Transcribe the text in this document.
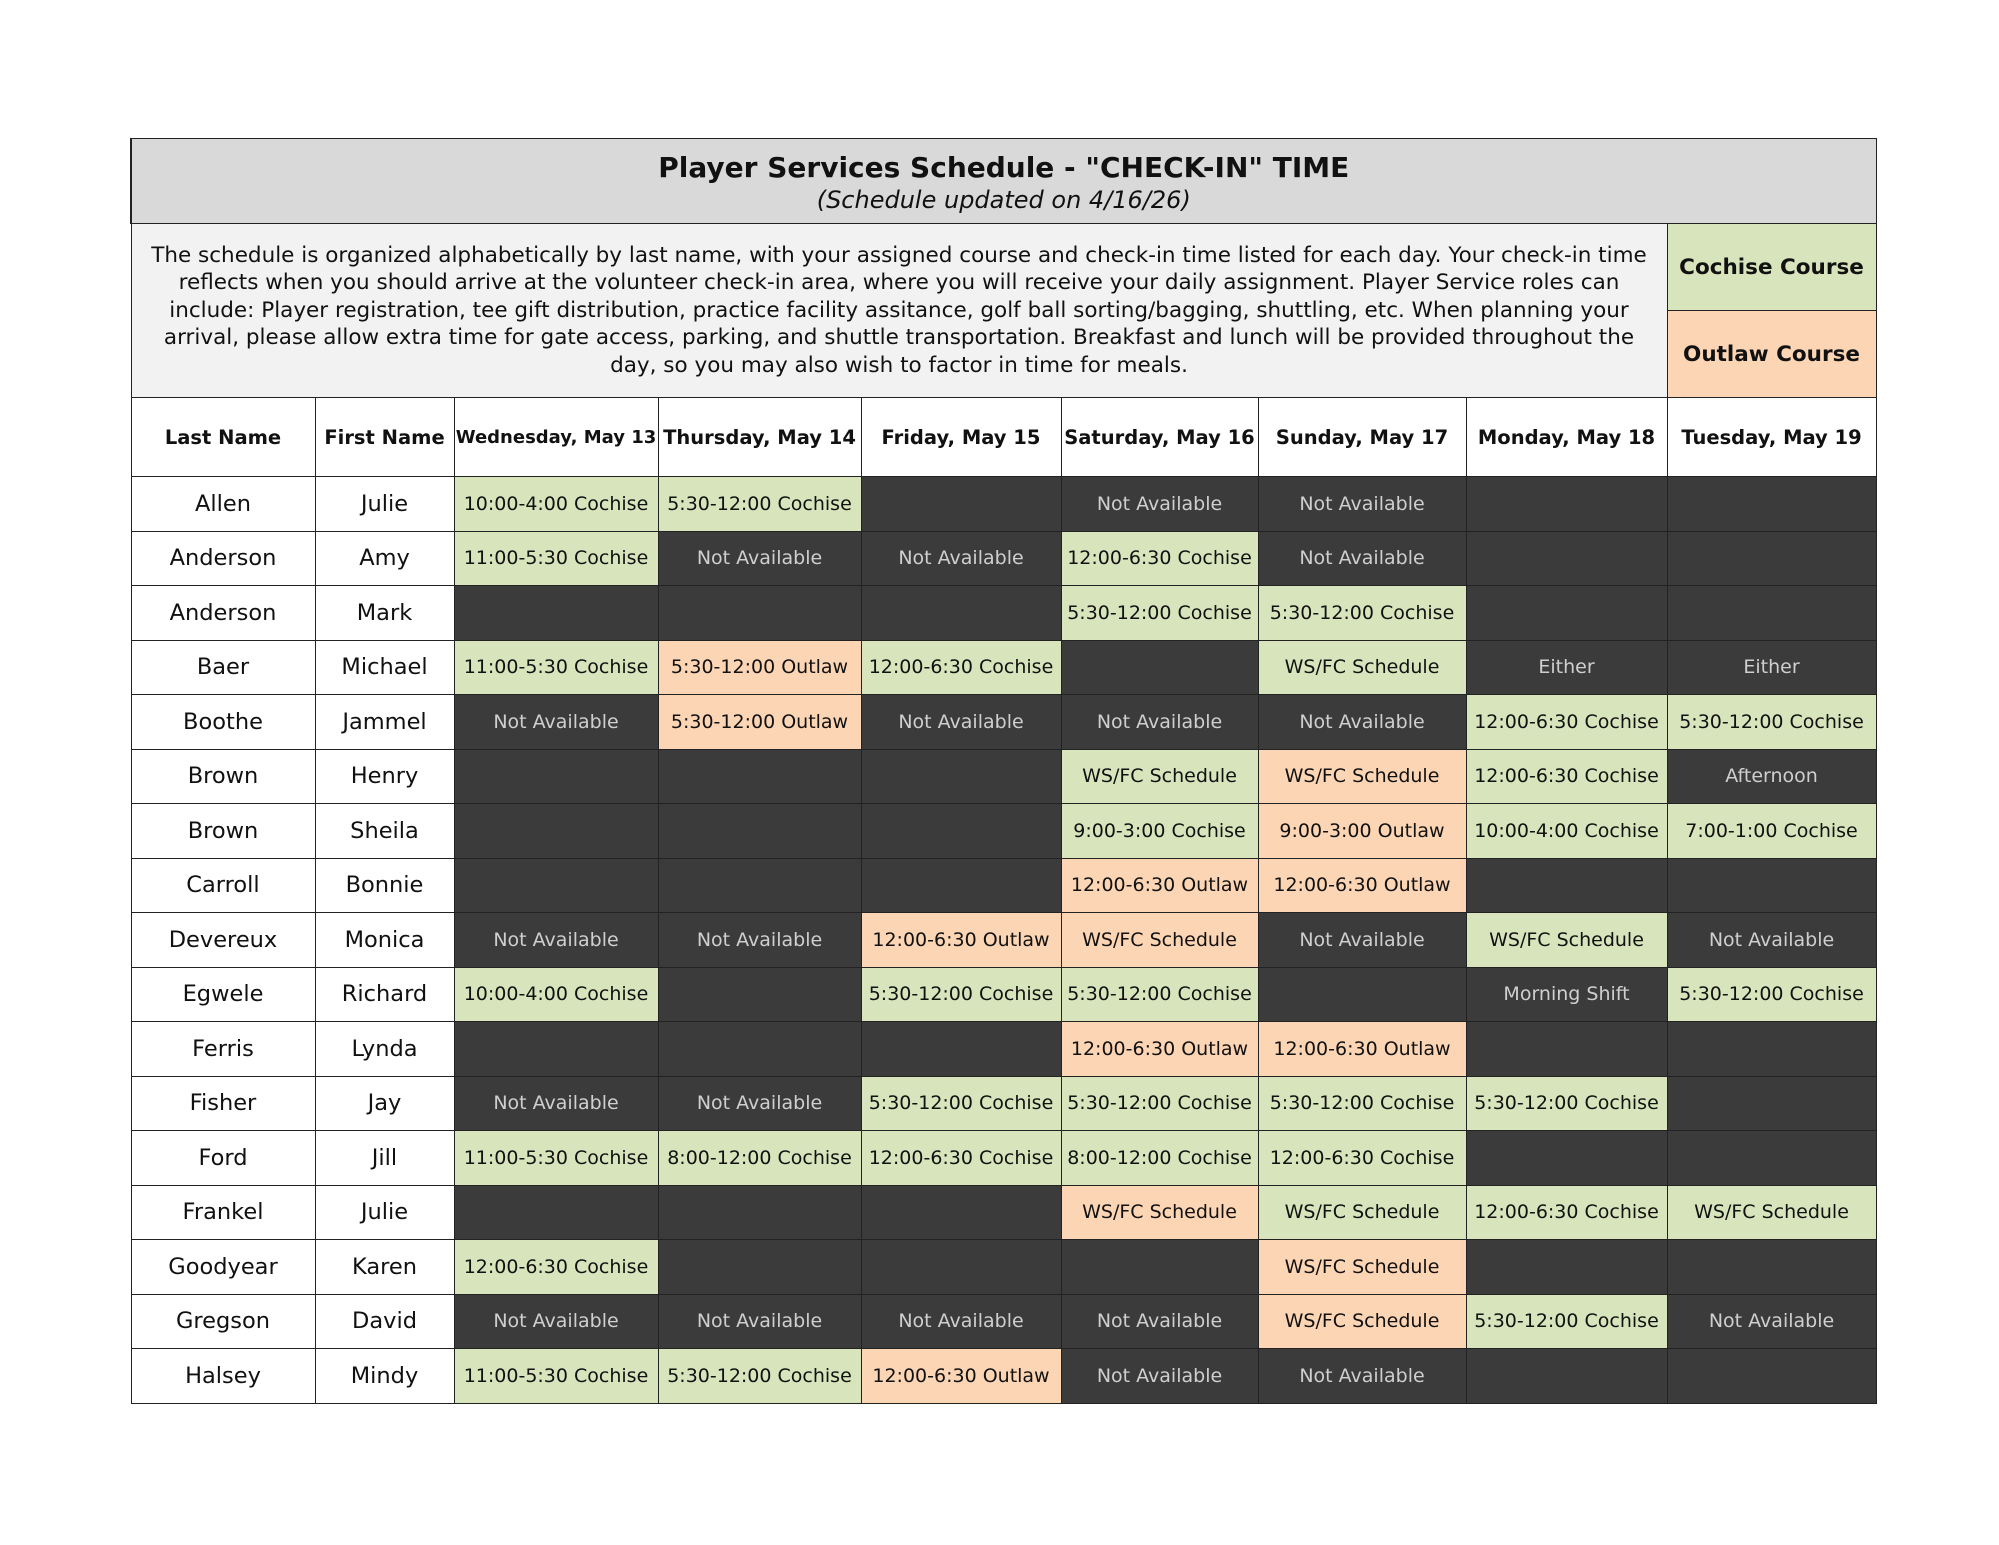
Player Services Schedule - "CHECK-IN" TIME
(Schedule updated on 4/16/26)								

The schedule is organized alphabetically by last name, with your assigned course and check-in time listed for each day. Your check-in time reflects when you should arrive at the volunteer check-in area, where you will receive your daily assignment. Player Service roles can include: Player registration, tee gift distribution, practice facility assitance, golf ball sorting/bagging, shuttling, etc. When planning your arrival, please allow extra time for gate access, parking, and shuttle transportation. Breakfast and lunch will be provided throughout the day, so you may also wish to factor in time for meals.								Cochise Course
								Outlaw Course
Last Name	First Name	Wednesday, May 13	Thursday, May 14	Friday, May 15	Saturday, May 16	Sunday, May 17	Monday, May 18	Tuesday, May 19
Allen	Julie	10:00-4:00 Cochise	5:30-12:00 Cochise		Not Available	Not Available		
Anderson	Amy	11:00-5:30 Cochise	Not Available	Not Available	12:00-6:30 Cochise	Not Available		
Anderson	Mark				5:30-12:00 Cochise	5:30-12:00 Cochise		
Baer	Michael	11:00-5:30 Cochise	5:30-12:00 Outlaw	12:00-6:30 Cochise		WS/FC Schedule	Either	Either
Boothe	Jammel	Not Available	5:30-12:00 Outlaw	Not Available	Not Available	Not Available	12:00-6:30 Cochise	5:30-12:00 Cochise
Brown	Henry				WS/FC Schedule	WS/FC Schedule	12:00-6:30 Cochise	Afternoon
Brown	Sheila				9:00-3:00 Cochise	9:00-3:00 Outlaw	10:00-4:00 Cochise	7:00-1:00 Cochise
Carroll	Bonnie				12:00-6:30 Outlaw	12:00-6:30 Outlaw		
Devereux	Monica	Not Available	Not Available	12:00-6:30 Outlaw	WS/FC Schedule	Not Available	WS/FC Schedule	Not Available
Egwele	Richard	10:00-4:00 Cochise		5:30-12:00 Cochise	5:30-12:00 Cochise		Morning Shift	5:30-12:00 Cochise
Ferris	Lynda				12:00-6:30 Outlaw	12:00-6:30 Outlaw		
Fisher	Jay	Not Available	Not Available	5:30-12:00 Cochise	5:30-12:00 Cochise	5:30-12:00 Cochise	5:30-12:00 Cochise	
Ford	Jill	11:00-5:30 Cochise	8:00-12:00 Cochise	12:00-6:30 Cochise	8:00-12:00 Cochise	12:00-6:30 Cochise		
Frankel	Julie				WS/FC Schedule	WS/FC Schedule	12:00-6:30 Cochise	WS/FC Schedule
Goodyear	Karen	12:00-6:30 Cochise				WS/FC Schedule		
Gregson	David	Not Available	Not Available	Not Available	Not Available	WS/FC Schedule	5:30-12:00 Cochise	Not Available
Halsey	Mindy	11:00-5:30 Cochise	5:30-12:00 Cochise	12:00-6:30 Outlaw	Not Available	Not Available		
